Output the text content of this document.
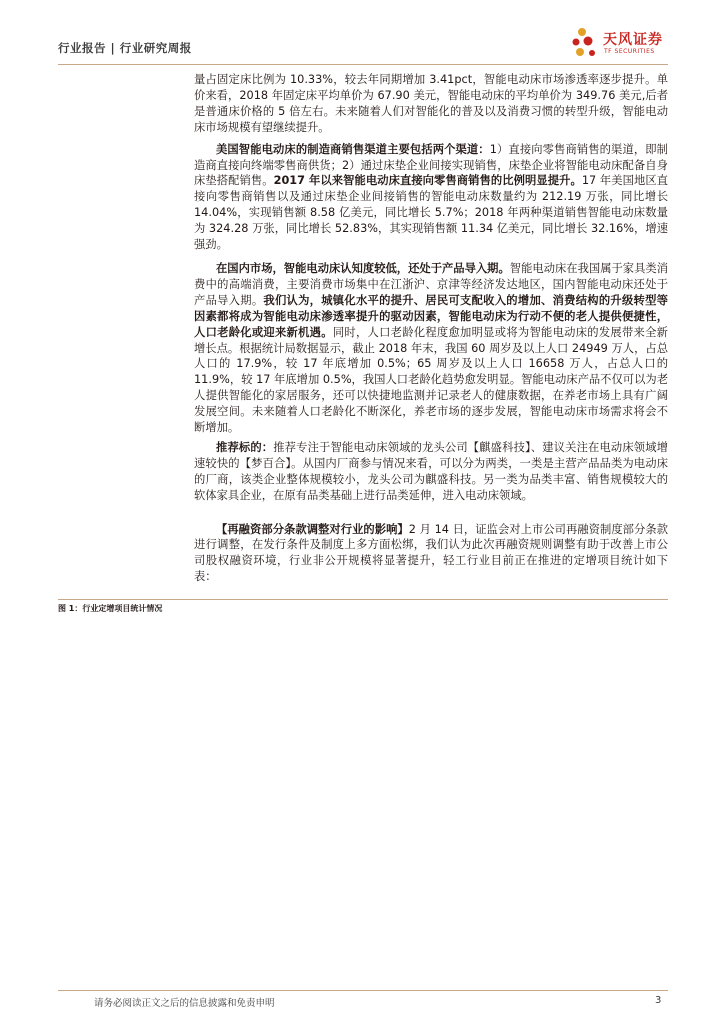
行业报告 | 行业研究周报	天风证券
TF SECURITIES

量占固定床比例为 10.33%，较去年同期增加 3.41pct，智能电动床市场渗透率逐步提升。单价来看，2018 年固定床平均单价为 67.90 美元，智能电动床的平均单价为 349.76 美元,后者是普通床价格的 5 倍左右。未来随着人们对智能化的普及以及消费习惯的转型升级，智能电动床市场规模有望继续提升。

美国智能电动床的制造商销售渠道主要包括两个渠道：1）直接向零售商销售的渠道，即制造商直接向终端零售商供货；2）通过床垫企业间接实现销售，床垫企业将智能电动床配备自身床垫搭配销售。2017 年以来智能电动床直接向零售商销售的比例明显提升。17 年美国地区直接向零售商销售以及通过床垫企业间接销售的智能电动床数量约为 212.19 万张，同比增长 14.04%，实现销售额 8.58 亿美元，同比增长 5.7%；2018 年两种渠道销售智能电动床数量为 324.28 万张，同比增长 52.83%，其实现销售额 11.34 亿美元，同比增长 32.16%，增速强劲。

在国内市场，智能电动床认知度较低，还处于产品导入期。智能电动床在我国属于家具类消费中的高端消费，主要消费市场集中在江浙沪、京津等经济发达地区，国内智能电动床还处于产品导入期。我们认为，城镇化水平的提升、居民可支配收入的增加、消费结构的升级转型等因素都将成为智能电动床渗透率提升的驱动因素，智能电动床为行动不便的老人提供便捷性，人口老龄化或迎来新机遇。同时，人口老龄化程度愈加明显或将为智能电动床的发展带来全新增长点。根据统计局数据显示，截止 2018 年末，我国 60 周岁及以上人口 24949 万人，占总人口的 17.9%，较 17 年底增加 0.5%；65 周岁及以上人口 16658 万人，占总人口的 11.9%，较 17 年底增加 0.5%，我国人口老龄化趋势愈发明显。智能电动床产品不仅可以为老人提供智能化的家居服务，还可以快捷地监测并记录老人的健康数据，在养老市场上具有广阔发展空间。未来随着人口老龄化不断深化，养老市场的逐步发展，智能电动床市场需求将会不断增加。

推荐标的：推荐专注于智能电动床领域的龙头公司【麒盛科技】、建议关注在电动床领域增速较快的【梦百合】。从国内厂商参与情况来看，可以分为两类，一类是主营产品品类为电动床的厂商，该类企业整体规模较小，龙头公司为麒盛科技。另一类为品类丰富、销售规模较大的软体家具企业，在原有品类基础上进行品类延伸，进入电动床领域。

【再融资部分条款调整对行业的影响】2 月 14 日，证监会对上市公司再融资制度部分条款进行调整，在发行条件及制度上多方面松绑，我们认为此次再融资规则调整有助于改善上市公司股权融资环境，行业非公开规模将显著提升，轻工行业目前正在推进的定增项目统计如下表：

图 1：行业定增项目统计情况
请务必阅读正文之后的信息披露和免责申明	3
